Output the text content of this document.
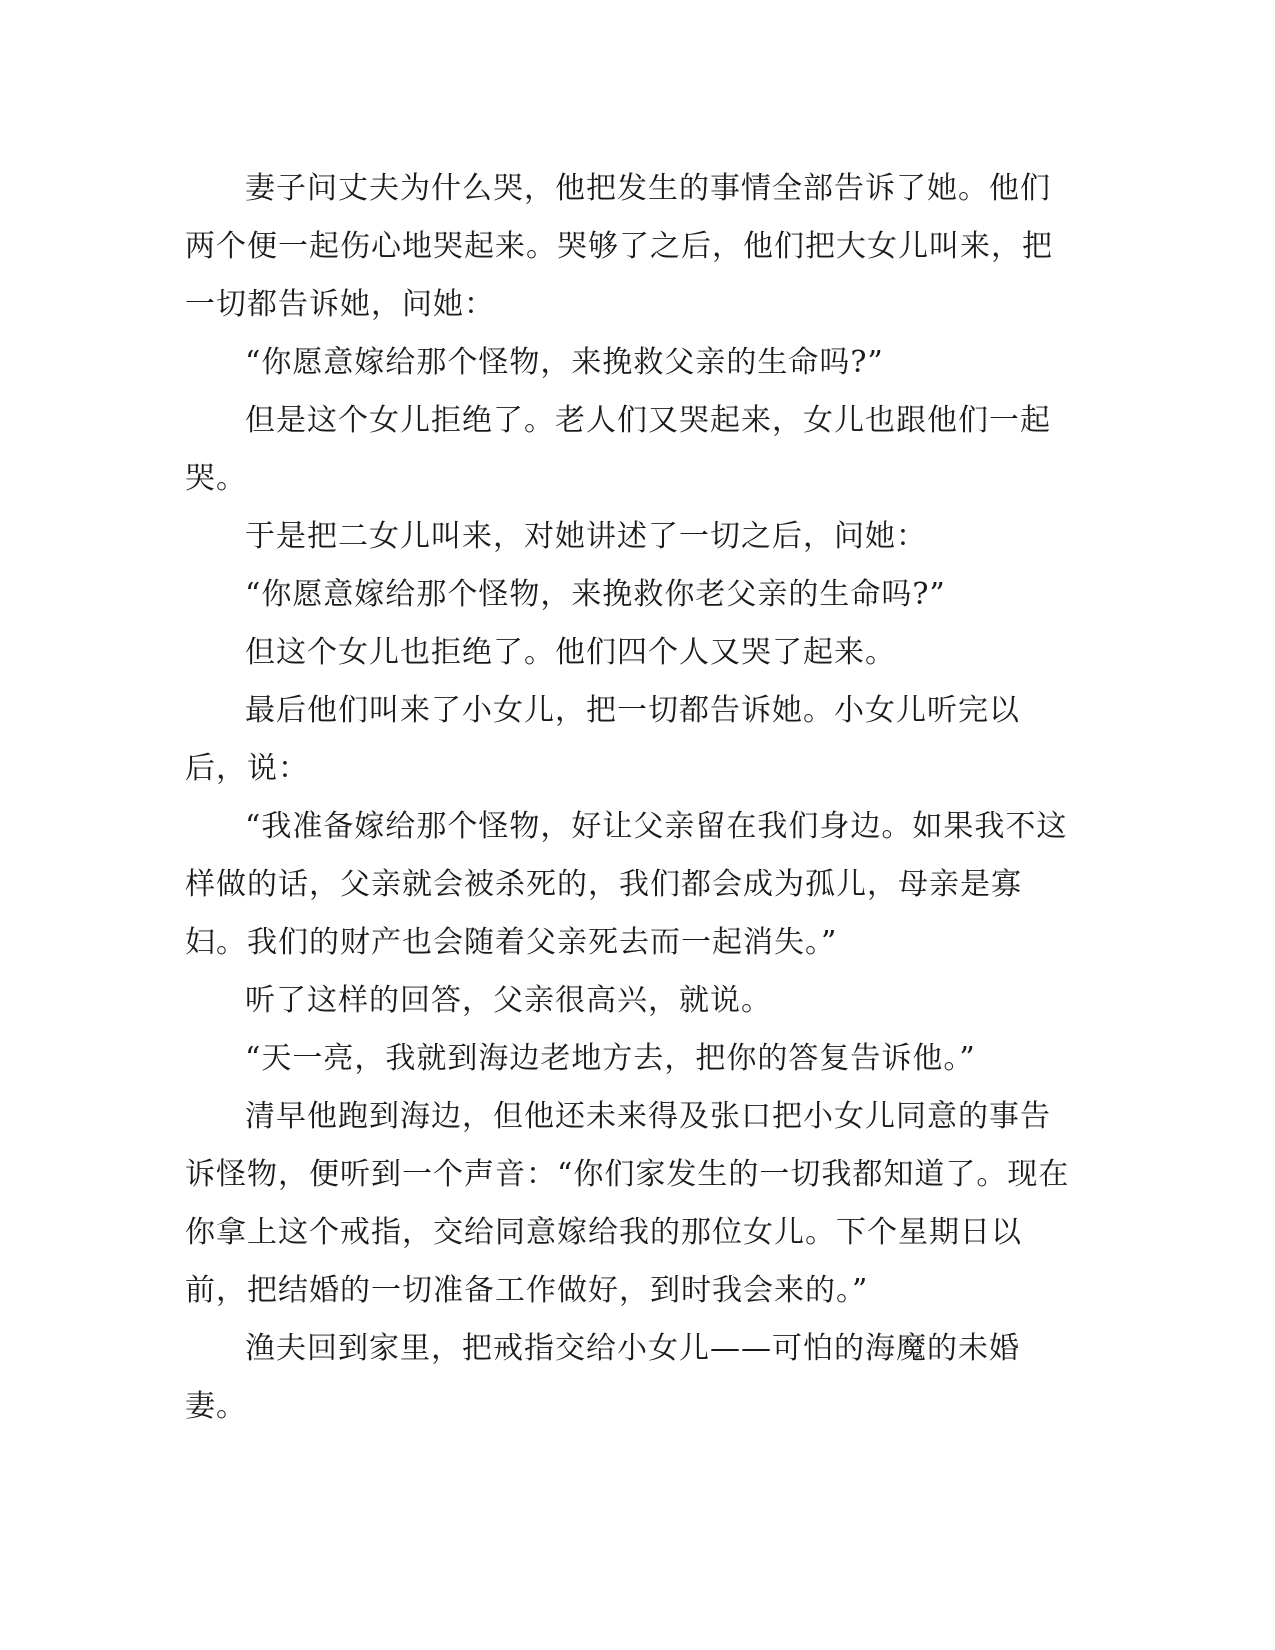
妻子问丈夫为什么哭，他把发生的事情全部告诉了她。他们两个便一起伤心地哭起来。哭够了之后，他们把大女儿叫来，把一切都告诉她，问她：

“你愿意嫁给那个怪物，来挽救父亲的生命吗?”

但是这个女儿拒绝了。老人们又哭起来，女儿也跟他们一起哭。

于是把二女儿叫来，对她讲述了一切之后，问她：

“你愿意嫁给那个怪物，来挽救你老父亲的生命吗?”

但这个女儿也拒绝了。他们四个人又哭了起来。

最后他们叫来了小女儿，把一切都告诉她。小女儿听完以后，说：

“我准备嫁给那个怪物，好让父亲留在我们身边。如果我不这样做的话，父亲就会被杀死的，我们都会成为孤儿，母亲是寡妇。我们的财产也会随着父亲死去而一起消失。”

听了这样的回答，父亲很高兴，就说。

“天一亮，我就到海边老地方去，把你的答复告诉他。”

清早他跑到海边，但他还未来得及张口把小女儿同意的事告诉怪物，便听到一个声音：“你们家发生的一切我都知道了。现在你拿上这个戒指，交给同意嫁给我的那位女儿。下个星期日以前，把结婚的一切准备工作做好，到时我会来的。”

渔夫回到家里，把戒指交给小女儿——可怕的海魔的未婚妻。
